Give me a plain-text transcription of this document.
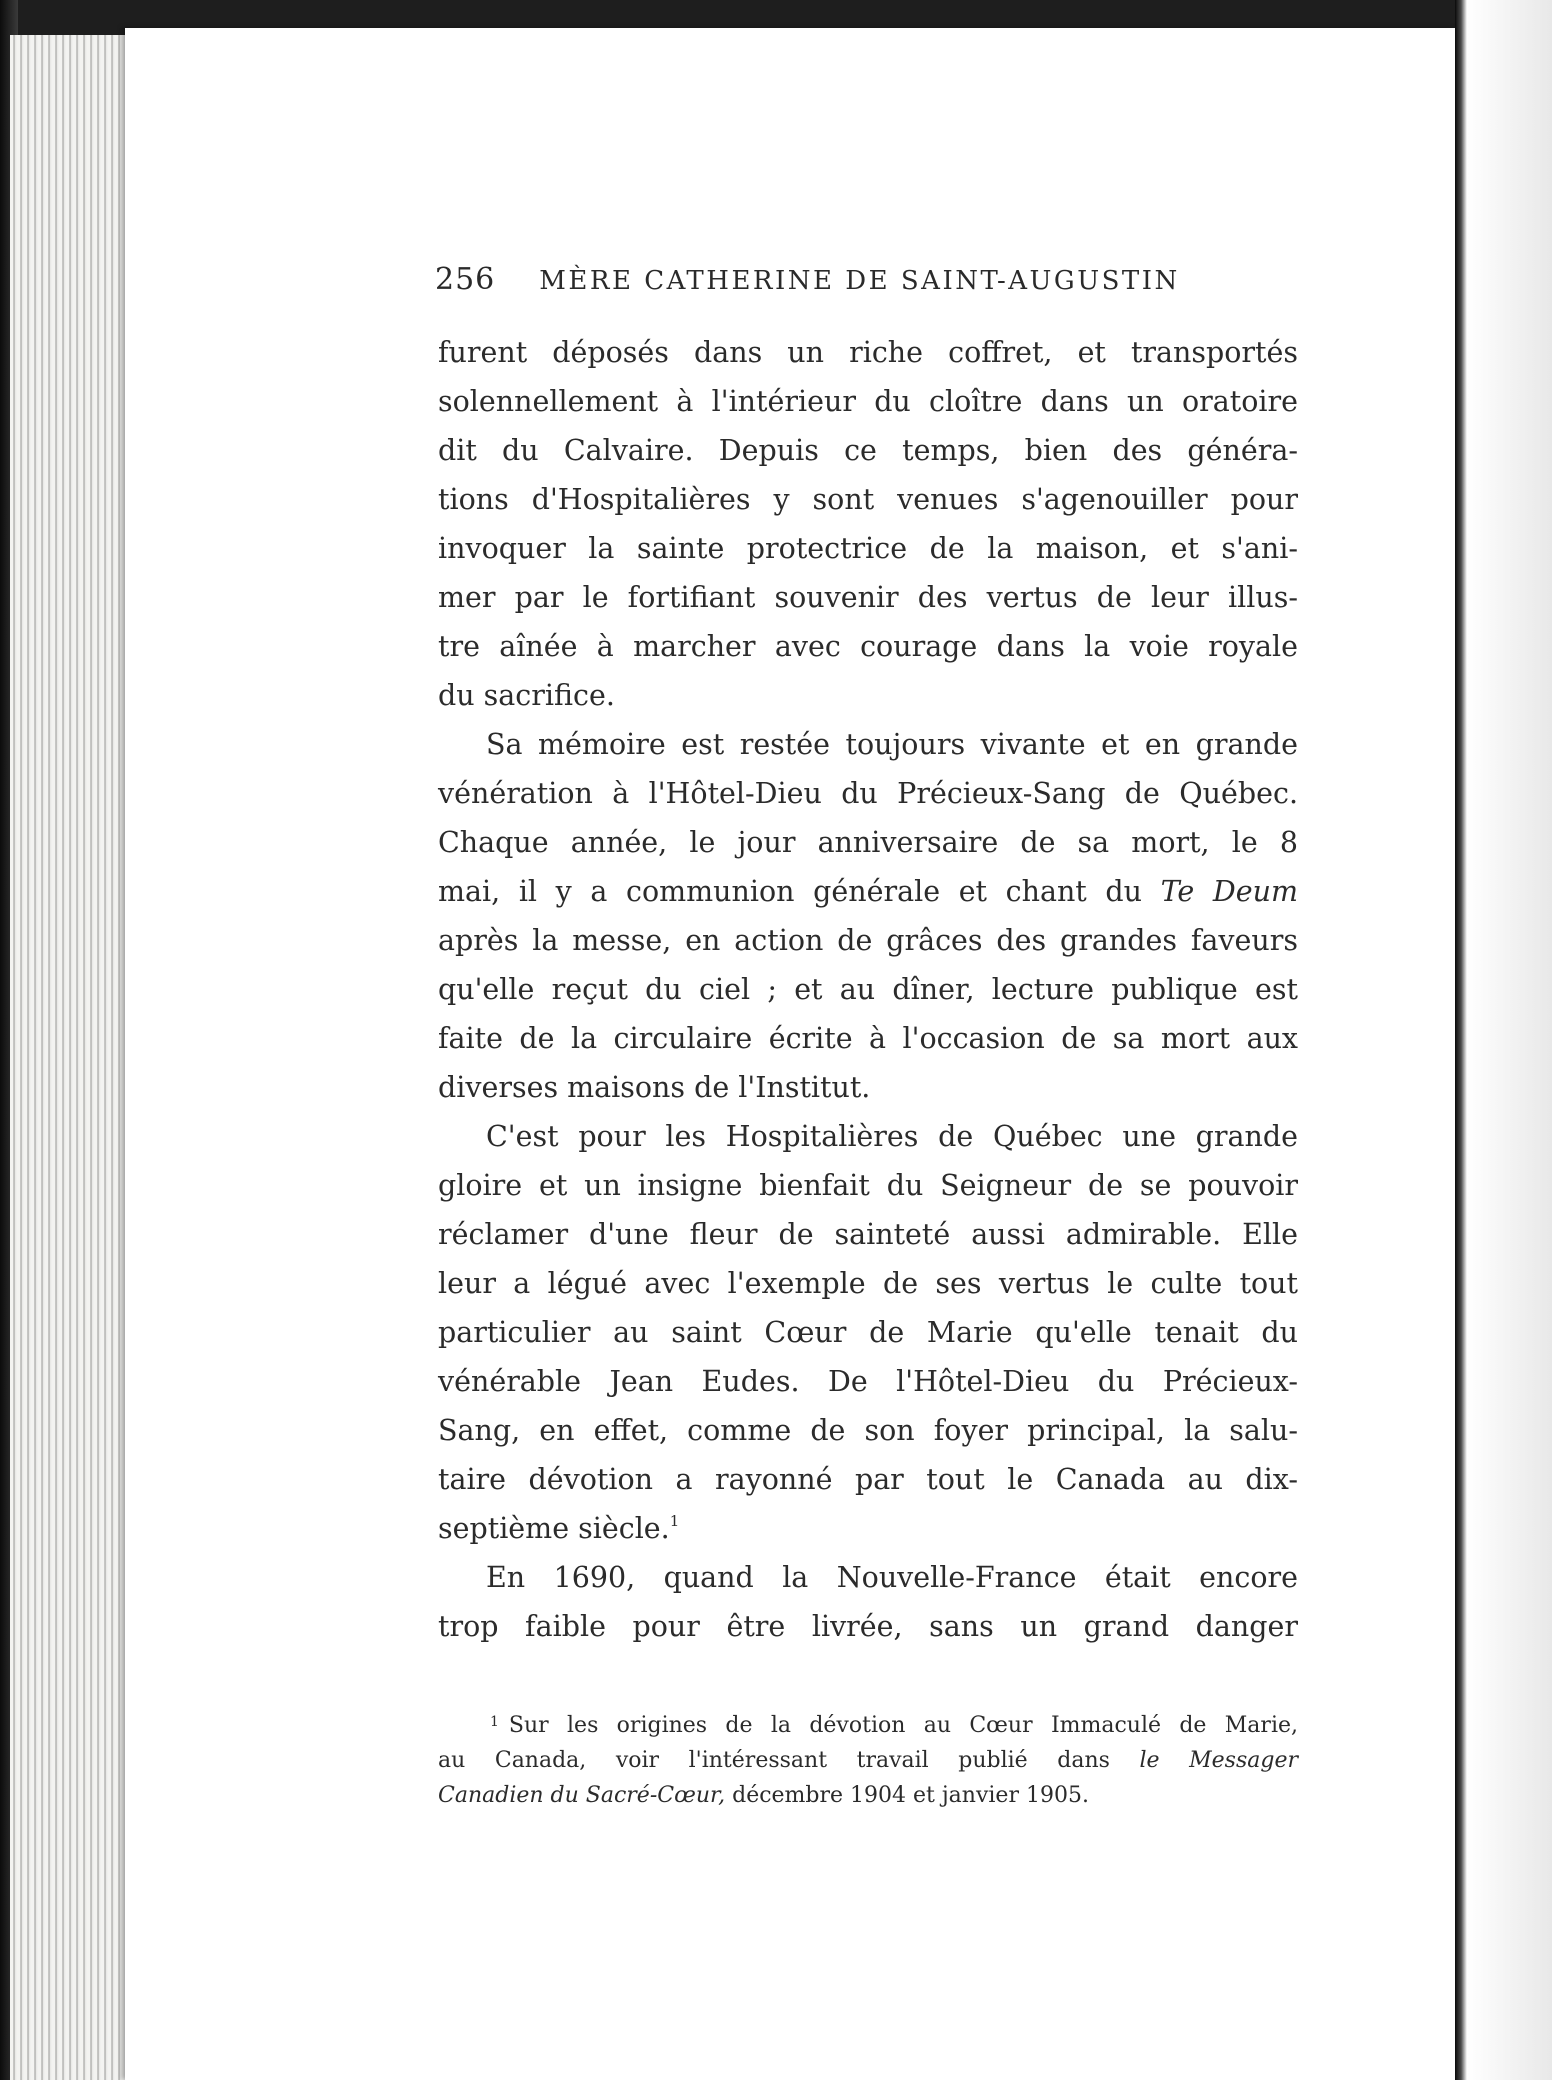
256 MÈRE CATHERINE DE SAINT-AUGUSTIN
furent déposés dans un riche coffret, et transportés
solennellement à l'intérieur du cloître dans un oratoire
dit du Calvaire. Depuis ce temps, bien des généra-
tions d'Hospitalières y sont venues s'agenouiller pour
invoquer la sainte protectrice de la maison, et s'ani-
mer par le fortifiant souvenir des vertus de leur illus-
tre aînée à marcher avec courage dans la voie royale
du sacrifice.
Sa mémoire est restée toujours vivante et en grande
vénération à l'Hôtel-Dieu du Précieux-Sang de Québec.
Chaque année, le jour anniversaire de sa mort, le 8
mai, il y a communion générale et chant du Te Deum
après la messe, en action de grâces des grandes faveurs
qu'elle reçut du ciel ; et au dîner, lecture publique est
faite de la circulaire écrite à l'occasion de sa mort aux
diverses maisons de l'Institut.
C'est pour les Hospitalières de Québec une grande
gloire et un insigne bienfait du Seigneur de se pouvoir
réclamer d'une fleur de sainteté aussi admirable. Elle
leur a légué avec l'exemple de ses vertus le culte tout
particulier au saint Cœur de Marie qu'elle tenait du
vénérable Jean Eudes. De l'Hôtel-Dieu du Précieux-
Sang, en effet, comme de son foyer principal, la salu-
taire dévotion a rayonné par tout le Canada au dix-
septième siècle.$^1$
En 1690, quand la Nouvelle-France était encore
trop faible pour être livrée, sans un grand danger
$^1$ Sur les origines de la dévotion au Cœur Immaculé de Marie,
au Canada, voir l'intéressant travail publié dans le Messager
Canadien du Sacré-Cœur, décembre 1904 et janvier 1905.
